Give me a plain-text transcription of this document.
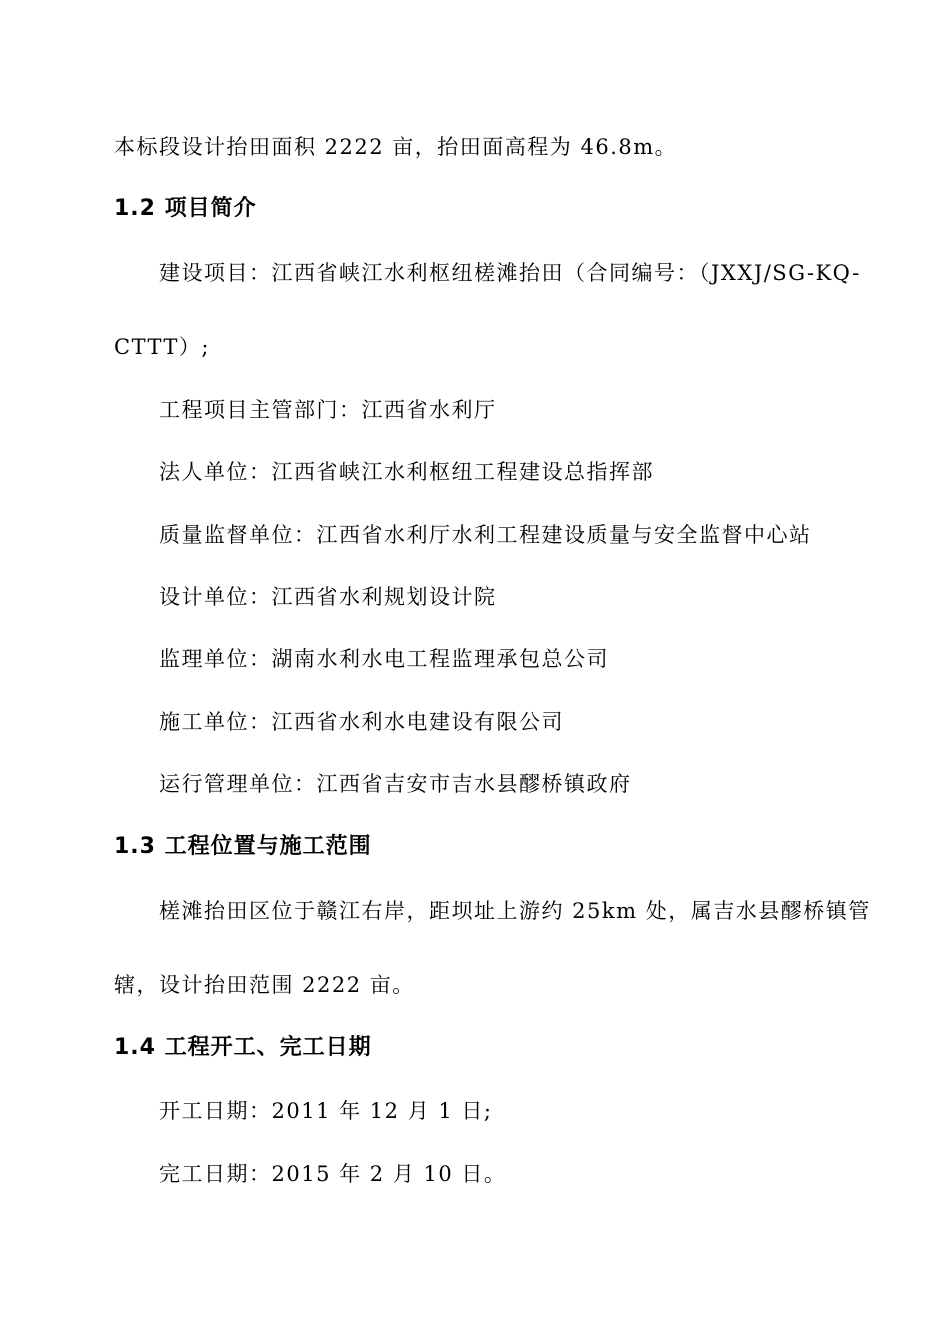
本标段设计抬田面积 2222 亩，抬田面高程为 46.8m。
1.2 项目简介
建设项目：江西省峡江水利枢纽槎滩抬田（合同编号：（JXXJ/SG-KQ-
CTTT）;
工程项目主管部门：江西省水利厅
法人单位：江西省峡江水利枢纽工程建设总指挥部
质量监督单位：江西省水利厅水利工程建设质量与安全监督中心站
设计单位：江西省水利规划设计院
监理单位：湖南水利水电工程监理承包总公司
施工单位：江西省水利水电建设有限公司
运行管理单位：江西省吉安市吉水县醪桥镇政府
1.3 工程位置与施工范围
槎滩抬田区位于赣江右岸，距坝址上游约 25km 处，属吉水县醪桥镇管
辖，设计抬田范围 2222 亩。
1.4 工程开工、完工日期
开工日期：2011 年 12 月 1 日;
完工日期：2015 年 2 月 10 日。
